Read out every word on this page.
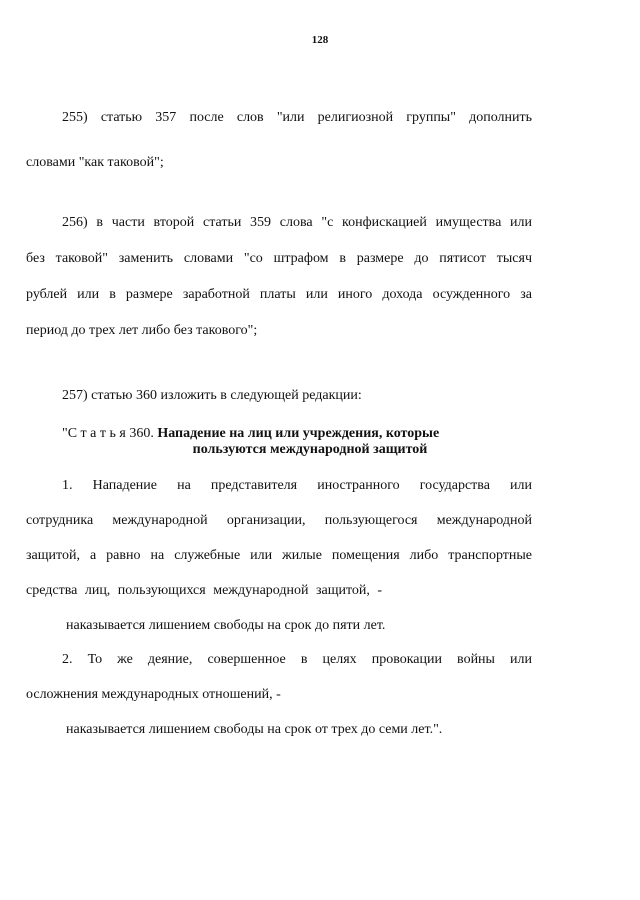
128
255) статью 357 после слов "или религиозной группы" дополнить
словами "как таковой";
256) в части второй статьи 359 слова "с конфискацией имущества или
без таковой" заменить словами "со штрафом в размере до пятисот тысяч
рублей или в размере заработной платы или иного дохода осужденного за
период до трех лет либо без такового";
257) статью 360 изложить в следующей редакции:
"С т а т ь я 360. Нападение на лиц или учреждения, которые
пользуются международной защитой
1. Нападение на представителя иностранного государства или
сотрудника международной организации, пользующегося международной
защитой, а равно на служебные или жилые помещения либо транспортные
средства лиц, пользующихся международной защитой, -
наказывается лишением свободы на срок до пяти лет.
2. То же деяние, совершенное в целях провокации войны или
осложнения международных отношений, -
наказывается лишением свободы на срок от трех до семи лет.".
